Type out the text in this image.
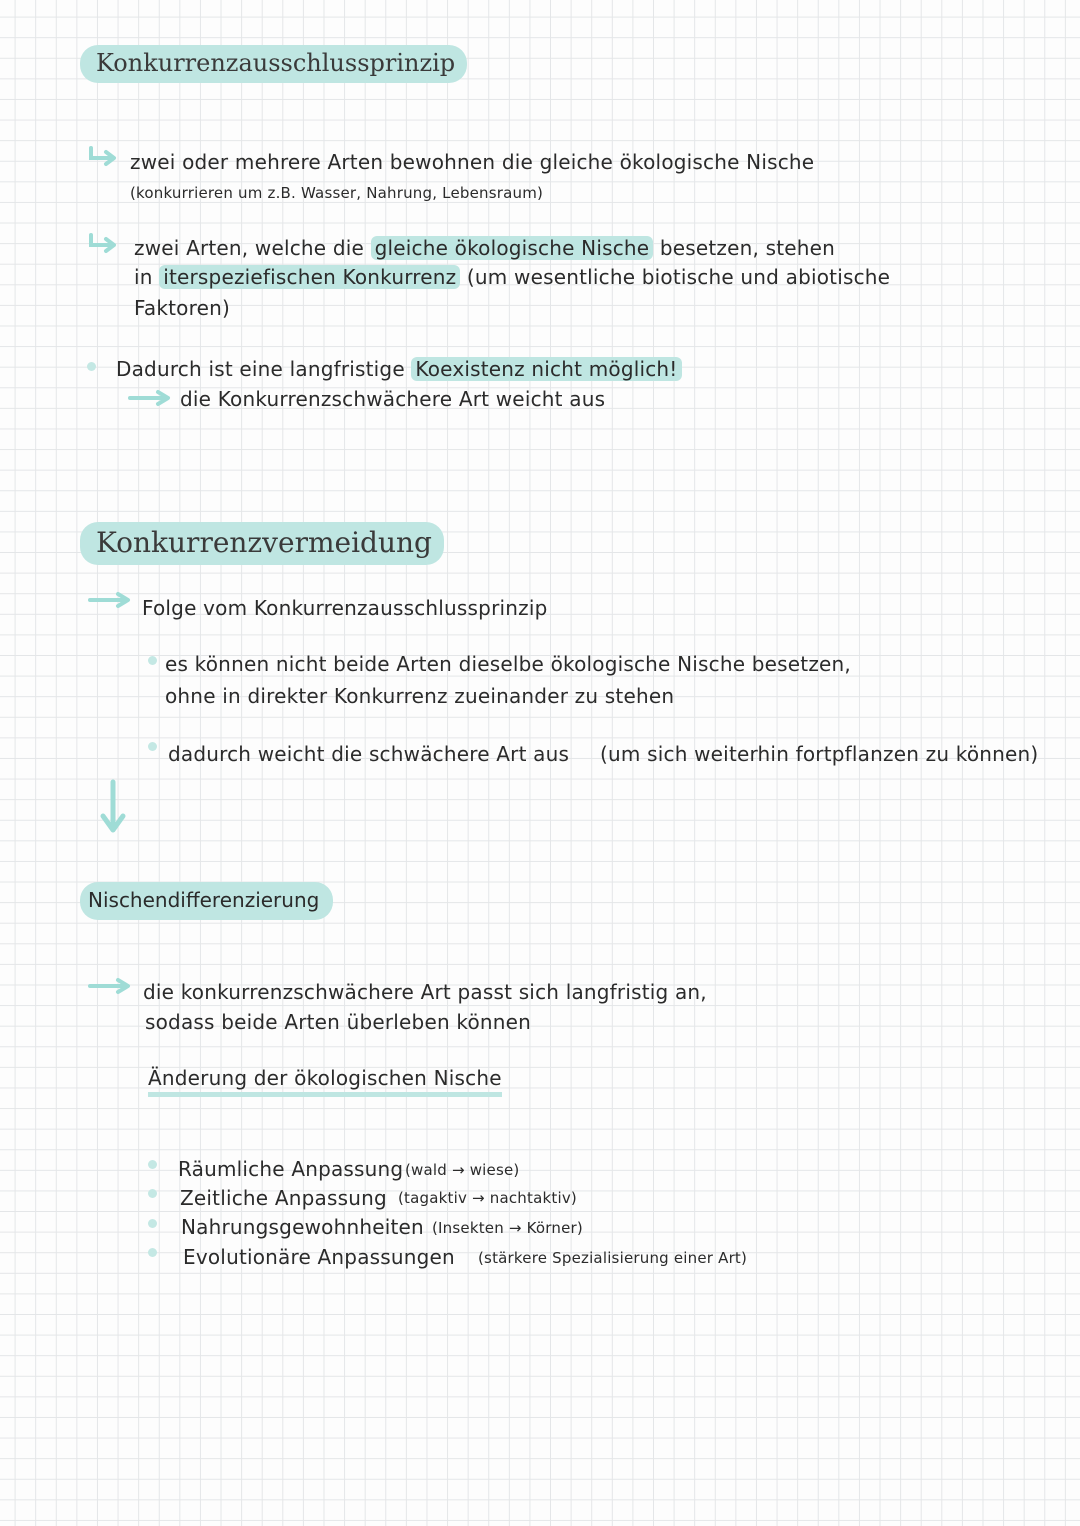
Konkurrenzausschlussprinzip
zwei oder mehrere Arten bewohnen die gleiche ökologische Nische
(konkurrieren um z.B. Wasser, Nahrung, Lebensraum)
zwei Arten, welche die gleiche ökologische Nische besetzen, stehen
in iterspeziefischen Konkurrenz (um wesentliche biotische und abiotische
Faktoren)
Dadurch ist eine langfristige Koexistenz nicht möglich!
die Konkurrenzschwächere Art weicht aus
Konkurrenzvermeidung
Folge vom Konkurrenzausschlussprinzip
es können nicht beide Arten dieselbe ökologische Nische besetzen,
ohne in direkter Konkurrenz zueinander zu stehen
dadurch weicht die schwächere Art aus (um sich weiterhin fortpflanzen zu können)
Nischendifferenzierung
die konkurrenzschwächere Art passt sich langfristig an,
sodass beide Arten überleben können
Änderung der ökologischen Nische
Räumliche Anpassung (wald → wiese)
Zeitliche Anpassung (tagaktiv → nachtaktiv)
Nahrungsgewohnheiten (Insekten → Körner)
Evolutionäre Anpassungen (stärkere Spezialisierung einer Art)
